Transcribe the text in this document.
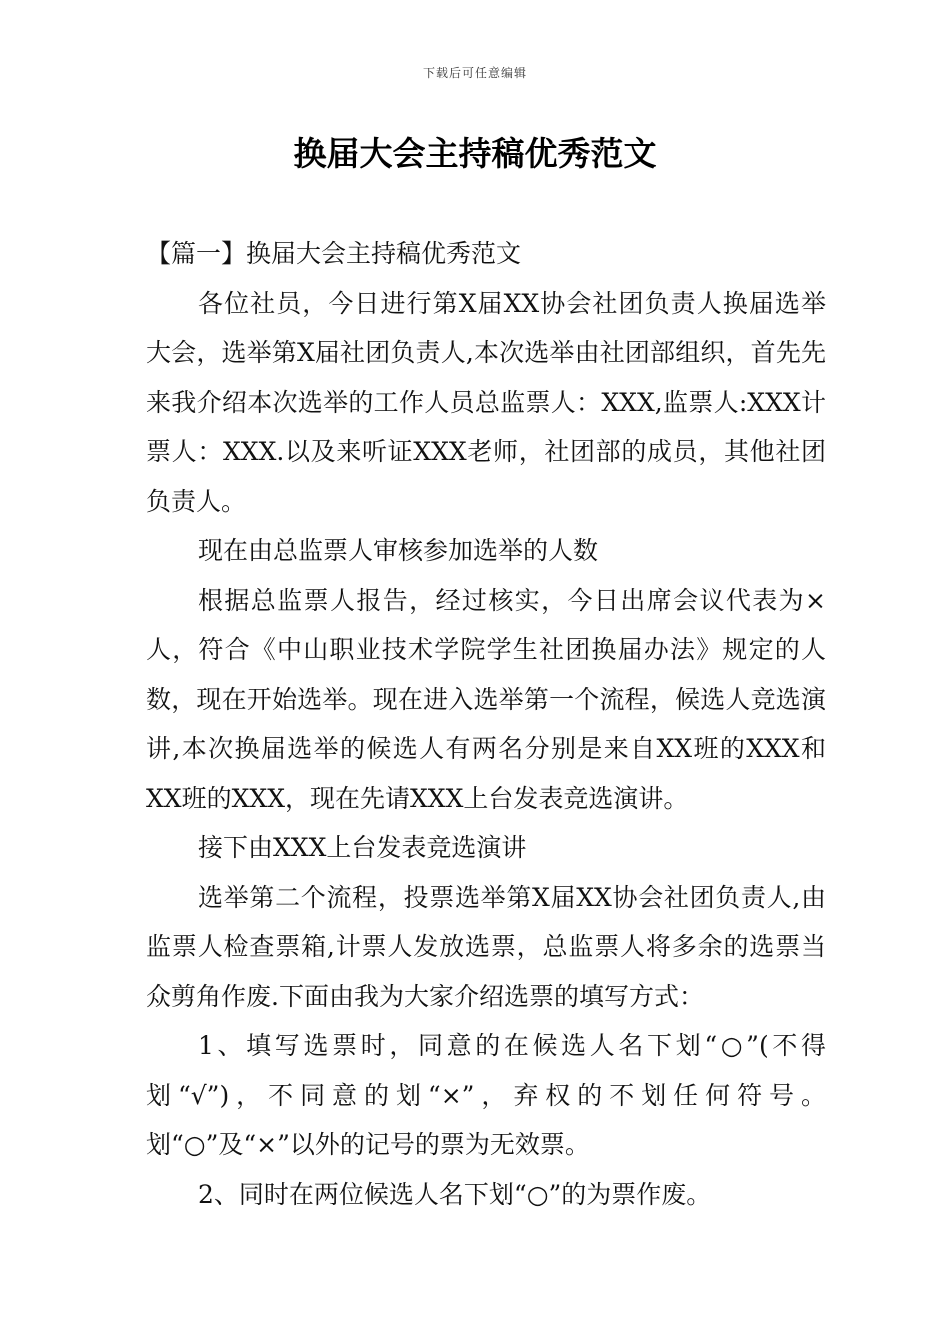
下载后可任意编辑
换届大会主持稿优秀范文

【篇一】换届大会主持稿优秀范文

各位社员，今日进行第X届XX协会社团负责人换届选举大会，选举第X届社团负责人,本次选举由社团部组织，首先先来我介绍本次选举的工作人员总监票人：XXX,监票人:XXX计票人：XXX.以及来听证XXX老师，社团部的成员，其他社团负责人。

现在由总监票人审核参加选举的人数

根据总监票人报告，经过核实，今日出席会议代表为×人，符合《中山职业技术学院学生社团换届办法》规定的人数，现在开始选举。现在进入选举第一个流程，候选人竞选演讲,本次换届选举的候选人有两名分别是来自XX班的XXX和XX班的XXX，现在先请XXX上台发表竞选演讲。

接下由XXX上台发表竞选演讲

选举第二个流程，投票选举第X届XX协会社团负责人,由监票人检查票箱,计票人发放选票，总监票人将多余的选票当众剪角作废.下面由我为大家介绍选票的填写方式：

1、填写选票时，同意的在候选人名下划“○”(不得划“√”)，不同意的划“×”，弃权的不划任何符号。划“○”及“×”以外的记号的票为无效票。

2、同时在两位候选人名下划“○”的为票作废。
